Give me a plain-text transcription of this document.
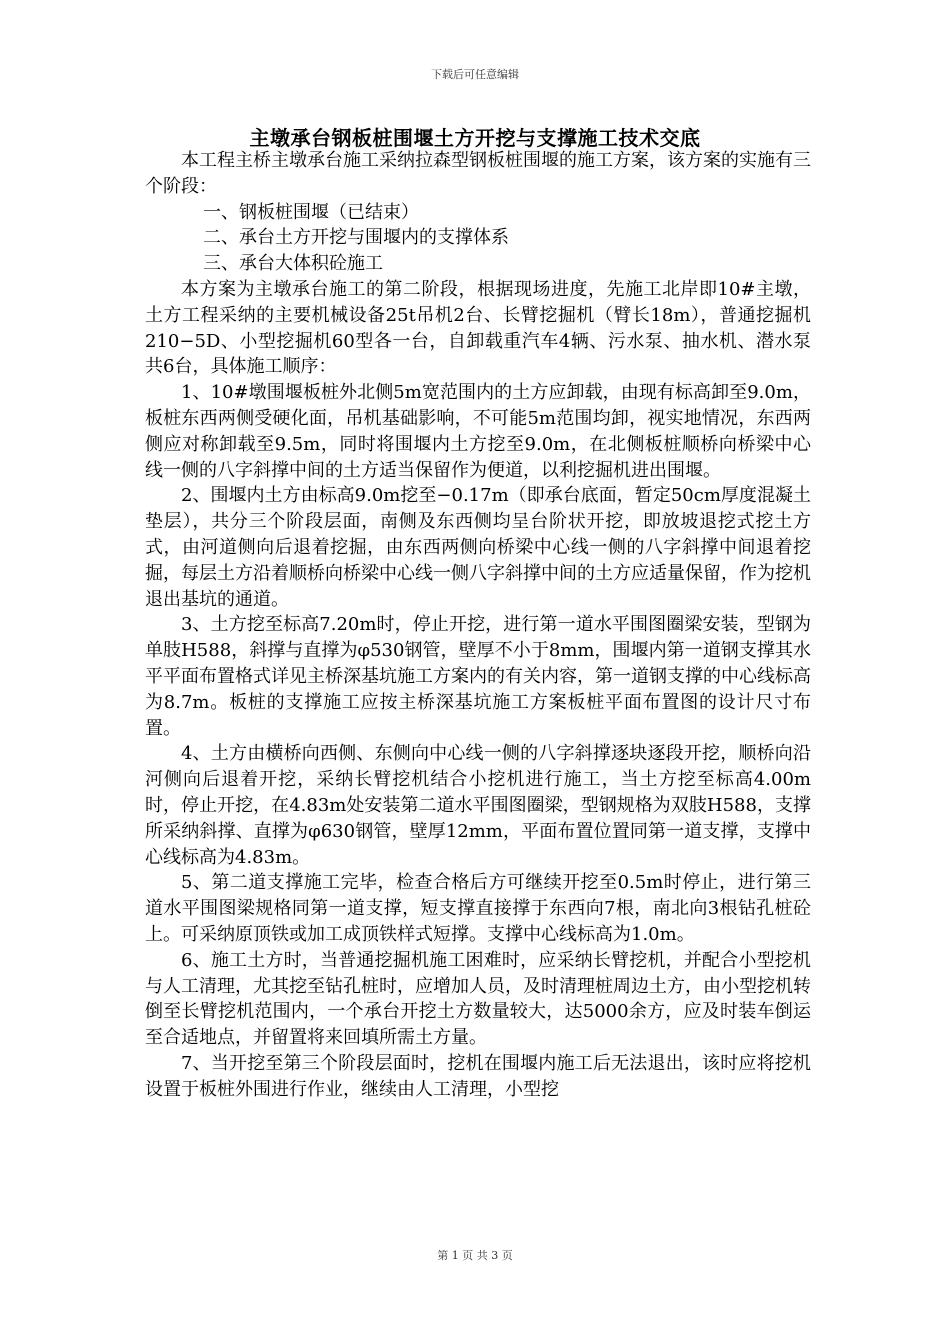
下载后可任意编辑
主墩承台钢板桩围堰土方开挖与支撑施工技术交底

本工程主桥主墩承台施工采纳拉森型钢板桩围堰的施工方案，该方案的实施有三个阶段：

一、钢板桩围堰（已结束）

二、承台土方开挖与围堰内的支撑体系

三、承台大体积砼施工

本方案为主墩承台施工的第二阶段，根据现场进度，先施工北岸即10#主墩，土方工程采纳的主要机械设备25t吊机2台、长臂挖掘机（臂长18m），普通挖掘机210−5D、小型挖掘机60型各一台，自卸载重汽车4辆、污水泵、抽水机、潜水泵共6台，具体施工顺序：

1、10#墩围堰板桩外北侧5m宽范围内的土方应卸载，由现有标高卸至9.0m，板桩东西两侧受硬化面，吊机基础影响，不可能5m范围均卸，视实地情况，东西两侧应对称卸载至9.5m，同时将围堰内土方挖至9.0m，在北侧板桩顺桥向桥梁中心线一侧的八字斜撑中间的土方适当保留作为便道，以利挖掘机进出围堰。

2、围堰内土方由标高9.0m挖至−0.17m（即承台底面，暂定50cm厚度混凝土垫层），共分三个阶段层面，南侧及东西侧均呈台阶状开挖，即放坡退挖式挖土方式，由河道侧向后退着挖掘，由东西两侧向桥梁中心线一侧的八字斜撑中间退着挖掘，每层土方沿着顺桥向桥梁中心线一侧八字斜撑中间的土方应适量保留，作为挖机退出基坑的通道。

3、土方挖至标高7.20m时，停止开挖，进行第一道水平围图圈梁安装，型钢为单肢H588，斜撑与直撑为φ530钢管，壁厚不小于8mm，围堰内第一道钢支撑其水平平面布置格式详见主桥深基坑施工方案内的有关内容，第一道钢支撑的中心线标高为8.7m。板桩的支撑施工应按主桥深基坑施工方案板桩平面布置图的设计尺寸布置。

4、土方由横桥向西侧、东侧向中心线一侧的八字斜撑逐块逐段开挖，顺桥向沿河侧向后退着开挖，采纳长臂挖机结合小挖机进行施工，当土方挖至标高4.00m时，停止开挖，在4.83m处安装第二道水平围图圈梁，型钢规格为双肢H588，支撑所采纳斜撑、直撑为φ630钢管，壁厚12mm，平面布置位置同第一道支撑，支撑中心线标高为4.83m。

5、第二道支撑施工完毕，检查合格后方可继续开挖至0.5m时停止，进行第三道水平围图梁规格同第一道支撑，短支撑直接撑于东西向7根，南北向3根钻孔桩砼上。可采纳原顶铁或加工成顶铁样式短撑。支撑中心线标高为1.0m。

6、施工土方时，当普通挖掘机施工困难时，应采纳长臂挖机，并配合小型挖机与人工清理，尤其挖至钻孔桩时，应增加人员，及时清理桩周边土方，由小型挖机转倒至长臂挖机范围内，一个承台开挖土方数量较大，达5000余方，应及时装车倒运至合适地点，并留置将来回填所需土方量。

7、当开挖至第三个阶段层面时，挖机在围堰内施工后无法退出，该时应将挖机设置于板桩外围进行作业，继续由人工清理，小型挖

第 1 页 共 3 页
